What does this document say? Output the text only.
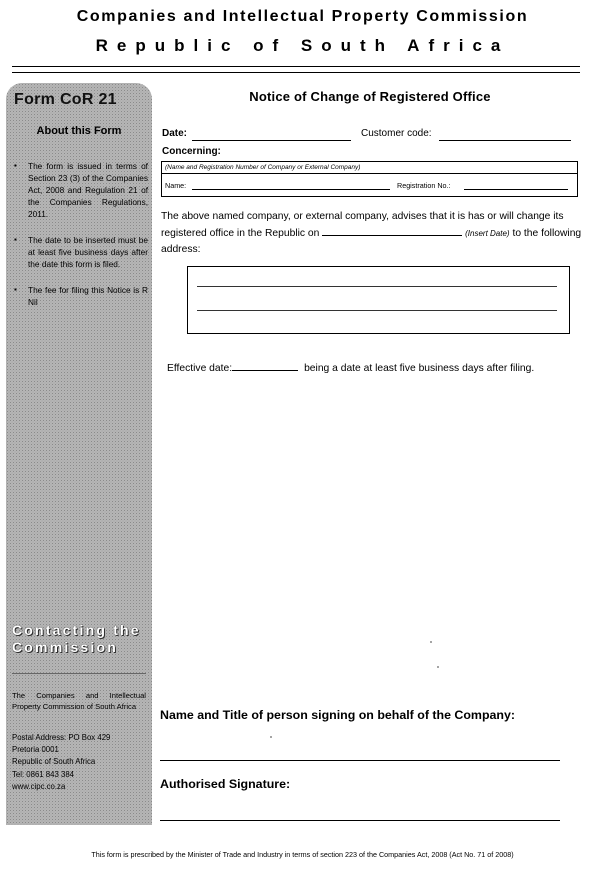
Companies and Intellectual Property Commission
Republic of South Africa
Form CoR 21
About this Form
▪ The form is issued in terms of Section 23 (3) of the Companies Act, 2008 and Regulation 21 of the Companies Regulations, 2011.
▪ The date to be inserted must be at least five business days after the date this form is filed.
▪ The fee for filing this Notice is R Nil
Contacting the Commission
The Companies and Intellectual Property Commission of South Africa
Postal Address: PO Box 429
Pretoria 0001
Republic of South Africa
Tel: 0861 843 384
www.cipc.co.za
Notice of Change of Registered Office
Date:	Customer code:
Concerning:
(Name and Registration Number of Company or External Company)
Name:	Registration No.:
The above named company, or external company, advises that it is has or will change its registered office in the Republic on	(Insert Date) to the following address:
Effective date:	being a date at least five business days after filing.
Name and Title of person signing on behalf of the Company:
Authorised Signature:
This form is prescribed by the Minister of Trade and Industry in terms of section 223 of the Companies Act, 2008 (Act No. 71 of 2008)
